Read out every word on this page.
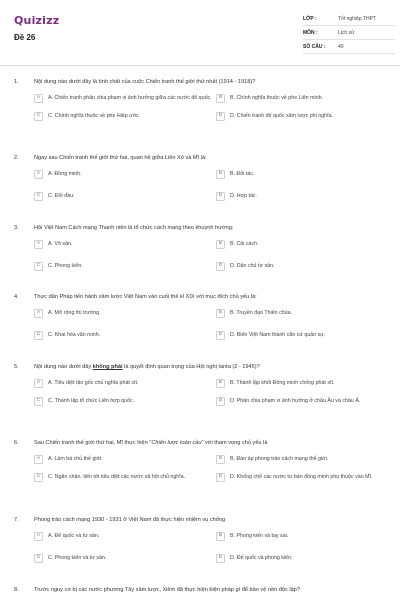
Quizizz
Đề 26
LỚP :	Tốt nghiệp THPT
MÔN :	Lịch sử
SỐ CÂU :	40
1.	Nội dung nào dưới đây là tính chất của cuộc Chiến tranh thế giới thứ nhất (1914 - 1918)?
A	A. Chiến tranh phân chia phạm vi ảnh hưởng giữa các nước đế quốc.	B	B. Chính nghĩa thuộc về phe Liên minh.
C	C. Chính nghĩa thuộc về phe Hiệp ước.	D	D. Chiến tranh đế quốc xâm lược phi nghĩa.
2.	Ngay sau Chiến tranh thế giới thứ hai, quan hệ giữa Liên Xô và Mĩ là:
A	A. Đồng minh.	B	B. Đối tác.
C	C. Đối đầu.	D	D. Hợp tác.
3.	Hội Việt Nam Cách mạng Thanh niên là tổ chức cách mạng theo khuynh hướng:
A	A. Vô sản.	B	B. Cải cách.
C	C. Phong kiến.	D	D. Dân chủ tư sản.
4.	Thực dân Pháp tiến hành xâm lược Việt Nam vào cuối thế kỉ XIX với mục đích chủ yếu là:
A	A. Mở rộng thị trường.	B	B. Truyền đạo Thiên chúa.
C	C. Khai hóa văn minh.	D	D. Biến Việt Nam thành căn cứ quân sự.
5.	Nội dung nào dưới đây không phải là quyết định quan trọng của Hội nghị Ianta (2 - 1945)?
A	A. Tiêu diệt tận gốc chủ nghĩa phát xít.	B	B. Thành lập khối Đồng minh chống phát xít.
C	C. Thành lập tổ chức Liên hợp quốc.	D	D. Phân chia phạm vi ảnh hưởng ở châu Âu và châu Á.
6.	Sau Chiến tranh thế giới thứ hai, Mĩ thực hiện "Chiến lược toàn cầu" với tham vọng chủ yếu là
A	A. Làm bá chủ thế giới.	B	B. Đàn áp phong trào cách mạng thế giới.
C	C. Ngăn chặn, tiến tới tiêu diệt các nước xã hội chủ nghĩa.	D	D. Khống chế các nước tư bản đồng minh phụ thuộc vào Mĩ.
7.	Phong trào cách mạng 1930 - 1931 ở Việt Nam đã thực hiện nhiệm vụ chống
A	A. Đế quốc và tư sản.	B	B. Phong kiến và tay sai.
C	C. Phong kiến và tư sản.	D	D. Đế quốc và phong kiến.
8.	Trước nguy cơ bị các nước phương Tây xâm lược, Xiêm đã thực hiện biện pháp gì để bảo vệ nền độc lập?
